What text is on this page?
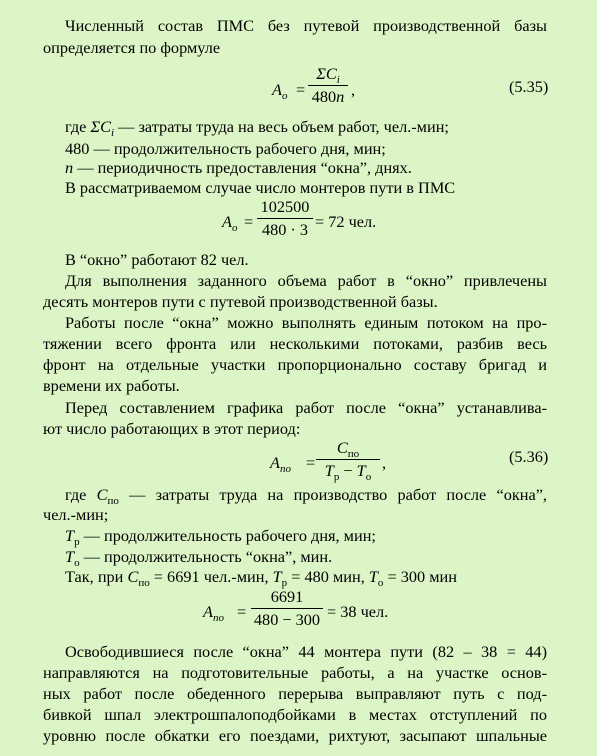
Численный состав ПМС без путевой производственной базы
определяется по формуле
$A_o$ =
$\Sigma C_i$
480n ,	(5.35)
где $\Sigma C_i$ — затраты труда на весь объем работ, чел.-мин;
480 — продолжительность рабочего дня, мин;
n — периодичность предоставления “окна”, днях.
В рассматриваемом случае число монтеров пути в ПМС
$A_o$ =
102500
480 · 3 = 72 чел.
В “окно” работают 82 чел.
Для выполнения заданного объема работ в “окно” привлечены
десять монтеров пути с путевой производственной базы.
Работы после “окна” можно выполнять единым потоком на про-
тяжении всего фронта или несколькими потоками, разбив весь
фронт на отдельные участки пропорционально составу бригад и
времени их работы.
Перед составлением графика работ после “окна” устанавлива-
ют число работающих в этот период:
$A_{по}$ =
$C_{по}$
$T_р - T_о$
,	(5.36)
где $C_{по}$ — затраты труда на производство работ после “окна”,
чел.-мин;
$T_р$ — продолжительность рабочего дня, мин;
$T_o$ — продолжительность “окна”, мин.
Так, при $C_{по} = 6691$ чел.-мин, $T_р = 480$ мин, $T_o = 300$ мин
$A_{по}$ =
6691
480 − 300 = 38 чел.
Освободившиеся после “окна” 44 монтера пути (82 – 38 = 44)
направляются на подготовительные работы, а на участке основ-
ных работ после обеденного перерыва выправляют путь с под-
бивкой шпал электрошпалоподбойками в местах отступлений по
уровню после обкатки его поездами, рихтуют, засыпают шпальные
